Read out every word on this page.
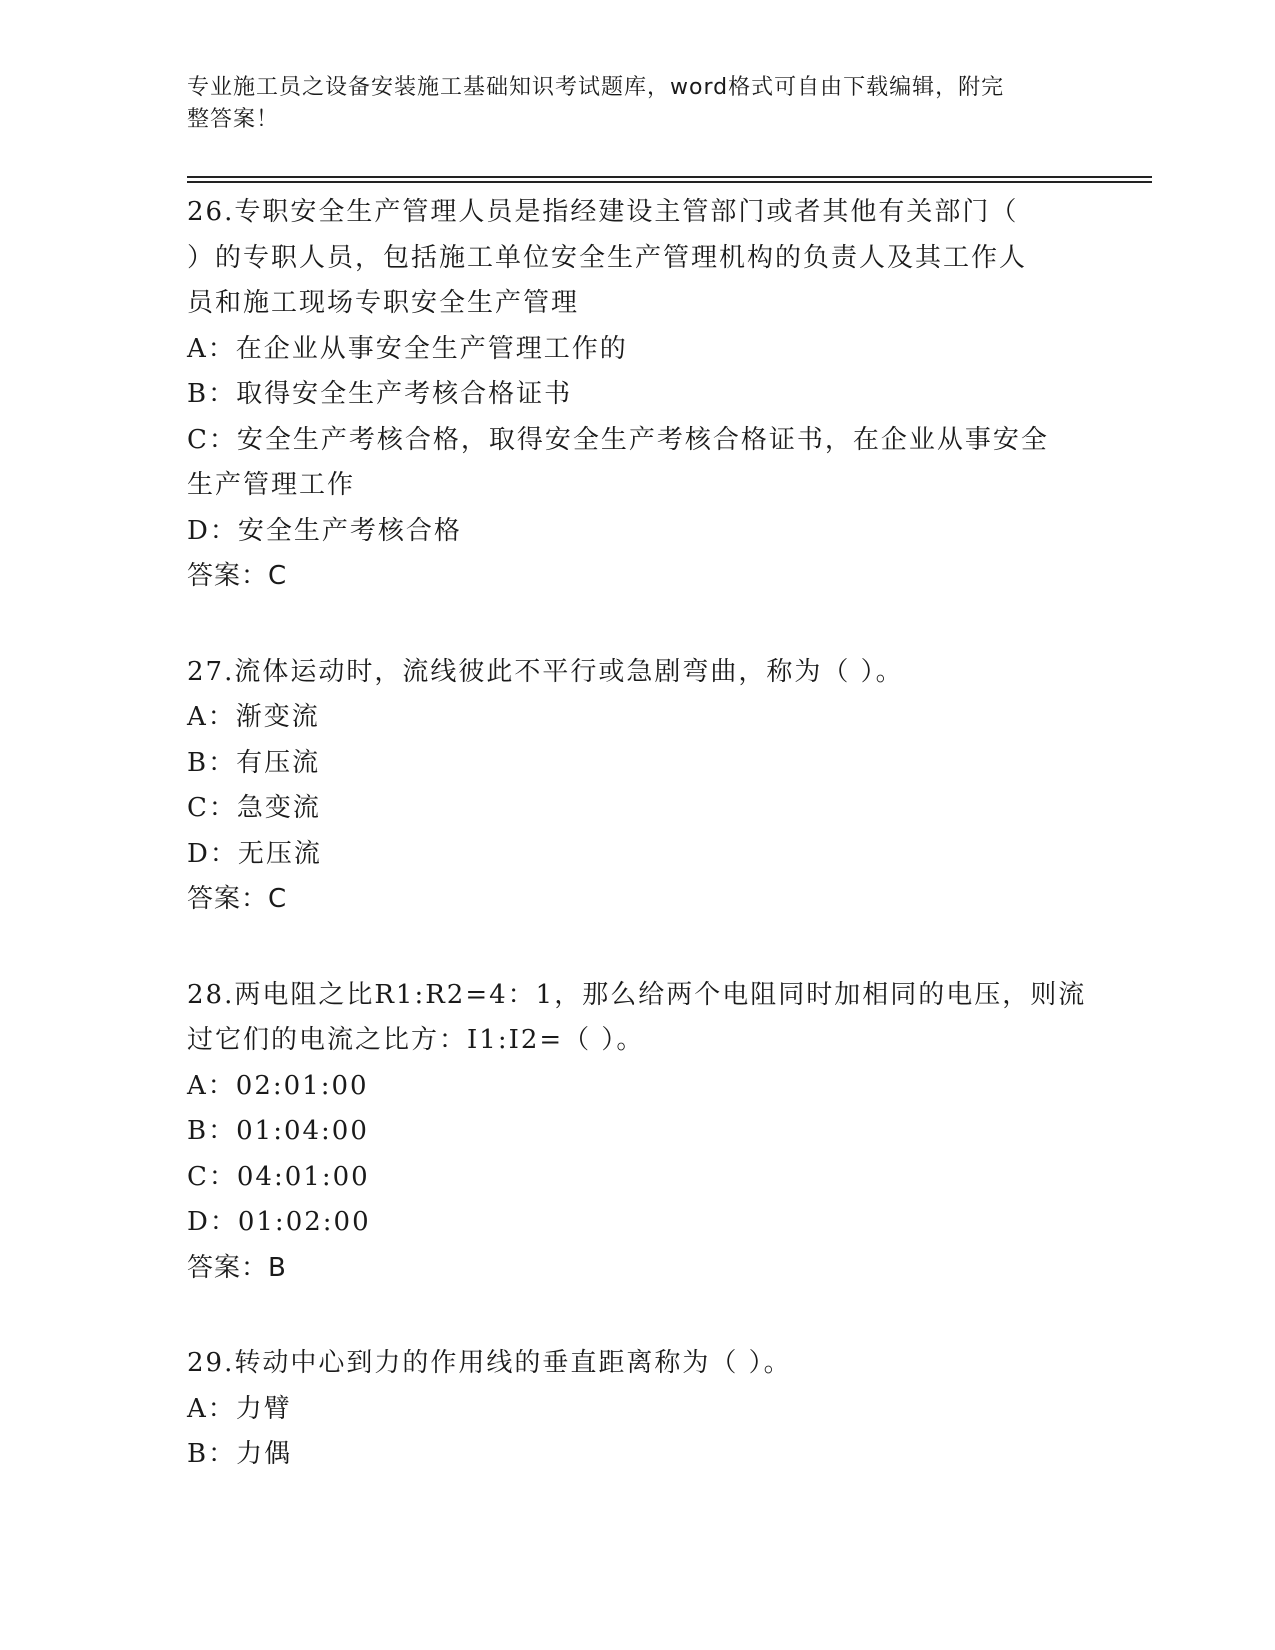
专业施工员之设备安装施工基础知识考试题库，word格式可自由下载编辑，附完
整答案！

26.专职安全生产管理人员是指经建设主管部门或者其他有关部门（

）的专职人员，包括施工单位安全生产管理机构的负责人及其工作人

员和施工现场专职安全生产管理

A：在企业从事安全生产管理工作的

B：取得安全生产考核合格证书

C：安全生产考核合格，取得安全生产考核合格证书，在企业从事安全

生产管理工作

D：安全生产考核合格

答案：C

27.流体运动时，流线彼此不平行或急剧弯曲，称为（ ）。

A：渐变流

B：有压流

C：急变流

D：无压流

答案：C

28.两电阻之比R1:R2=4：1，那么给两个电阻同时加相同的电压，则流

过它们的电流之比方：I1:I2=（ ）。

A：02:01:00

B：01:04:00

C：04:01:00

D：01:02:00

答案：B

29.转动中心到力的作用线的垂直距离称为（ ）。

A：力臂

B：力偶
